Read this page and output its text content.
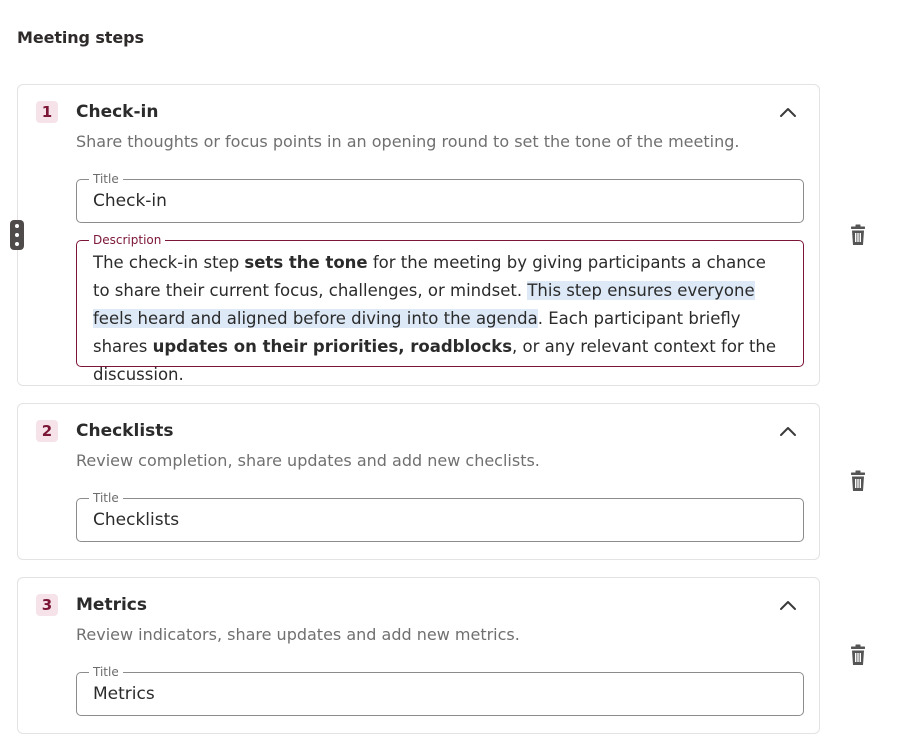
Meeting steps
1	Check-in
Share thoughts or focus points in an opening round to set the tone of the meeting.
Title
Check-in
Description
The check-in step sets the tone for the meeting by giving participants a chance to share their current focus, challenges, or mindset. This step ensures everyone feels heard and aligned before diving into the agenda. Each participant briefly shares updates on their priorities, roadblocks, or any relevant context for the discussion.
2	Checklists
Review completion, share updates and add new checlists.
Title
Checklists
3	Metrics
Review indicators, share updates and add new metrics.
Title
Metrics
